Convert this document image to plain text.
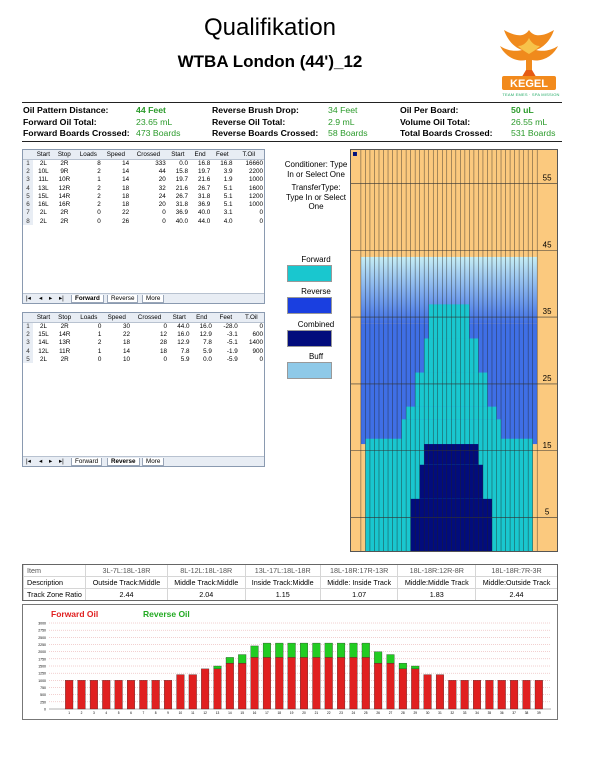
Qualifikation
WTBA London (44')_12
KEGEL
TEAM EMES · SPA MISSION
Oil Pattern Distance:	44 Feet	Reverse Brush Drop:	34 Feet	Oil Per Board:	50 uL
Forward Oil Total:	23.65 mL	Reverse Oil Total:	2.9 mL	Volume Oil Total:	26.55 mL
Forward Boards Crossed: 473 Boards	Reverse Boards Crossed: 58 Boards	Total Boards Crossed: 531 Boards
	Start	Stop	Loads	Speed	Crossed	Start	End	Feet	T.Oil
1	2L	2R	8	14	333	0.0	16.8	16.8	16660
2	10L	9R	2	14	44	15.8	19.7	3.9	2200
3	11L	10R	1	14	20	19.7	21.6	1.9	1000
4	13L	12R	2	18	32	21.6	26.7	5.1	1600
5	15L	14R	2	18	24	26.7	31.8	5.1	1200
6	16L	16R	2	18	20	31.8	36.9	5.1	1000
7	2L	2R	0	22	0	36.9	40.0	3.1	0
8	2L	2R	0	26	0	40.0	44.0	4.0	0
|◂ ◂ ▸ ▸|	Forward	Reverse	More
	Start	Stop	Loads	Speed	Crossed	Start	End	Feet	T.Oil
1	2L	2R	0	30	0	44.0	16.0	-28.0	0
2	15L	14R	1	22	12	16.0	12.9	-3.1	600
3	14L	13R	2	18	28	12.9	7.8	-5.1	1400
4	12L	11R	1	14	18	7.8	5.9	-1.9	900
5	2L	2R	0	10	0	5.9	0.0	-5.9	0
|◂ ◂ ▸ ▸|	Forward	Reverse	More
Conditioner: Type In or Select One
TransferType: Type In or Select One
Forward
Reverse
Combined
Buff
55
45
35
25
15
5
Item	3L-7L:18L-18R	8L-12L:18L-18R	13L-17L:18L-18R	18L-18R:17R-13R	18L-18R:12R-8R	18L-18R:7R-3R
Description	Outside Track:Middle	Middle Track:Middle	Inside Track:Middle	Middle: Inside Track	Middle:Middle Track	Middle:Outside Track
Track Zone Ratio	2.44	2.04	1.15	1.07	1.83	2.44
Forward Oil	Reverse Oil
0
250
500
750
1000
1250
1500
1750
2000
2250
2500
2750
3000
1	2	3	4	5	6	7	8	9	10	11	12	13	14	15	16	17	18	19	20	21	22	23	24	25	26	27	28	29	30	31	32	33	34	35	36	37	38	39
